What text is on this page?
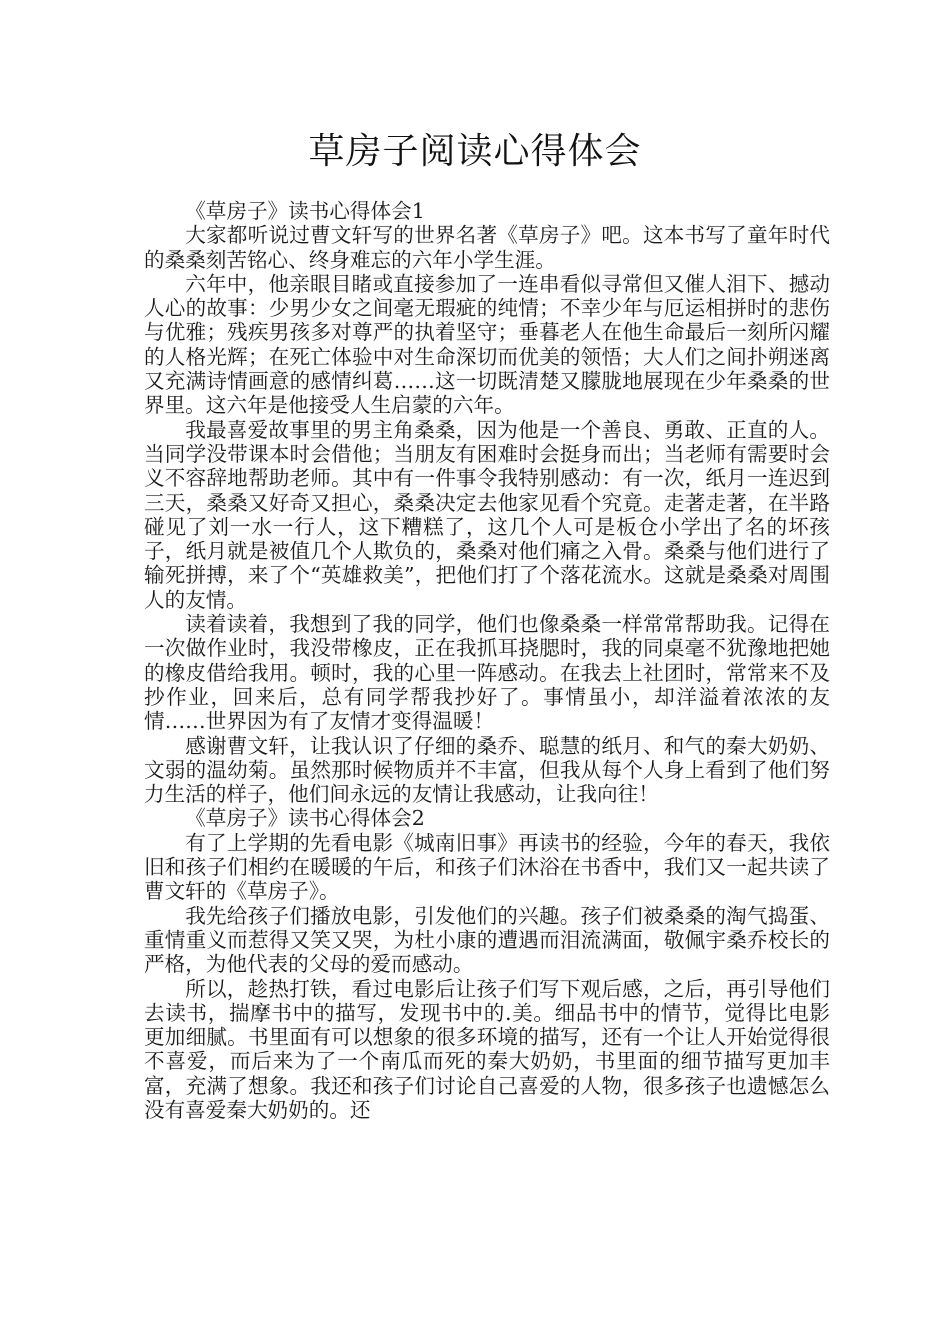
草房子阅读心得体会

《草房子》读书心得体会1

大家都听说过曹文轩写的世界名著《草房子》吧。这本书写了童年时代的桑桑刻苦铭心、终身难忘的六年小学生涯。

六年中，他亲眼目睹或直接参加了一连串看似寻常但又催人泪下、撼动人心的故事：少男少女之间毫无瑕疵的纯情；不幸少年与厄运相拼时的悲伤与优雅；残疾男孩多对尊严的执着坚守；垂暮老人在他生命最后一刻所闪耀的人格光辉；在死亡体验中对生命深切而优美的领悟；大人们之间扑朔迷离又充满诗情画意的感情纠葛……这一切既清楚又朦胧地展现在少年桑桑的世界里。这六年是他接受人生启蒙的六年。

我最喜爱故事里的男主角桑桑，因为他是一个善良、勇敢、正直的人。当同学没带课本时会借他；当朋友有困难时会挺身而出；当老师有需要时会义不容辞地帮助老师。其中有一件事令我特别感动：有一次，纸月一连迟到三天，桑桑又好奇又担心，桑桑决定去他家见看个究竟。走著走著，在半路碰见了刘一水一行人，这下糟糕了，这几个人可是板仓小学出了名的坏孩子，纸月就是被值几个人欺负的，桑桑对他们痛之入骨。桑桑与他们进行了输死拼搏，来了个“英雄救美”，把他们打了个落花流水。这就是桑桑对周围人的友情。

读着读着，我想到了我的同学，他们也像桑桑一样常常帮助我。记得在一次做作业时，我没带橡皮，正在我抓耳挠腮时，我的同桌毫不犹豫地把她的橡皮借给我用。顿时，我的心里一阵感动。在我去上社团时，常常来不及抄作业，回来后，总有同学帮我抄好了。事情虽小，却洋溢着浓浓的友情……世界因为有了友情才变得温暖！

感谢曹文轩，让我认识了仔细的桑乔、聪慧的纸月、和气的秦大奶奶、文弱的温幼菊。虽然那时候物质并不丰富，但我从每个人身上看到了他们努力生活的样子，他们间永远的友情让我感动，让我向往！

《草房子》读书心得体会2

有了上学期的先看电影《城南旧事》再读书的经验，今年的春天，我依旧和孩子们相约在暖暖的午后，和孩子们沐浴在书香中，我们又一起共读了曹文轩的《草房子》。

我先给孩子们播放电影，引发他们的兴趣。孩子们被桑桑的淘气捣蛋、重情重义而惹得又笑又哭，为杜小康的遭遇而泪流满面，敬佩宇桑乔校长的严格，为他代表的父母的爱而感动。

所以，趁热打铁，看过电影后让孩子们写下观后感，之后，再引导他们去读书，揣摩书中的描写，发现书中的.美。细品书中的情节，觉得比电影更加细腻。书里面有可以想象的很多环境的描写，还有一个让人开始觉得很不喜爱，而后来为了一个南瓜而死的秦大奶奶，书里面的细节描写更加丰富，充满了想象。我还和孩子们讨论自己喜爱的人物，很多孩子也遗憾怎么没有喜爱秦大奶奶的。还
